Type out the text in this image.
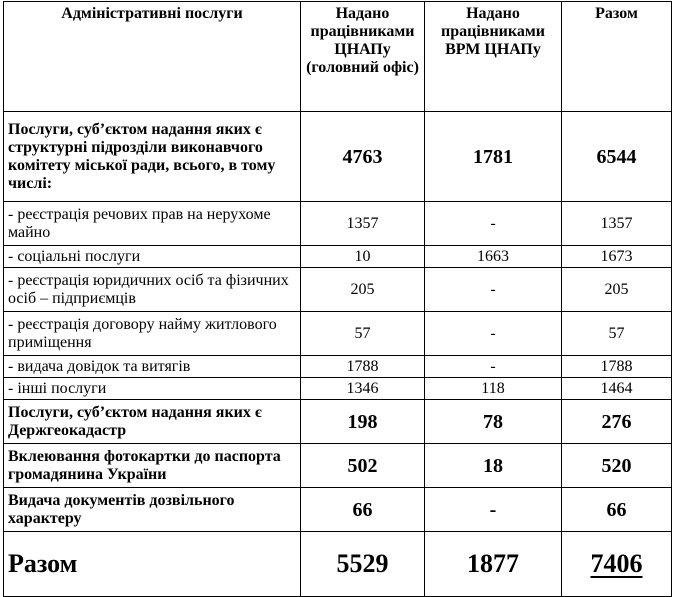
Адміністративні послуги	Надано працівниками ЦНАПу (головний офіс)	Надано працівниками ВРМ ЦНАПу	Разом
Послуги, суб’єктом надання яких є структурні підрозділи виконавчого комітету міської ради, всього, в тому числі:	4763	1781	6544
- реєстрація речових прав на нерухоме майно	1357	-	1357
- соціальні послуги	10	1663	1673
- реєстрація юридичних осіб та фізичних осіб – підприємців	205	-	205
- реєстрація договору найму житлового приміщення	57	-	57
- видача довідок та витягів	1788	-	1788
- інші послуги	1346	118	1464
Послуги, суб’єктом надання яких є Держгеокадастр	198	78	276
Вклеювання фотокартки до паспорта громадянина України	502	18	520
Видача документів дозвільного характеру	66	-	66
Разом	5529	1877	7406
